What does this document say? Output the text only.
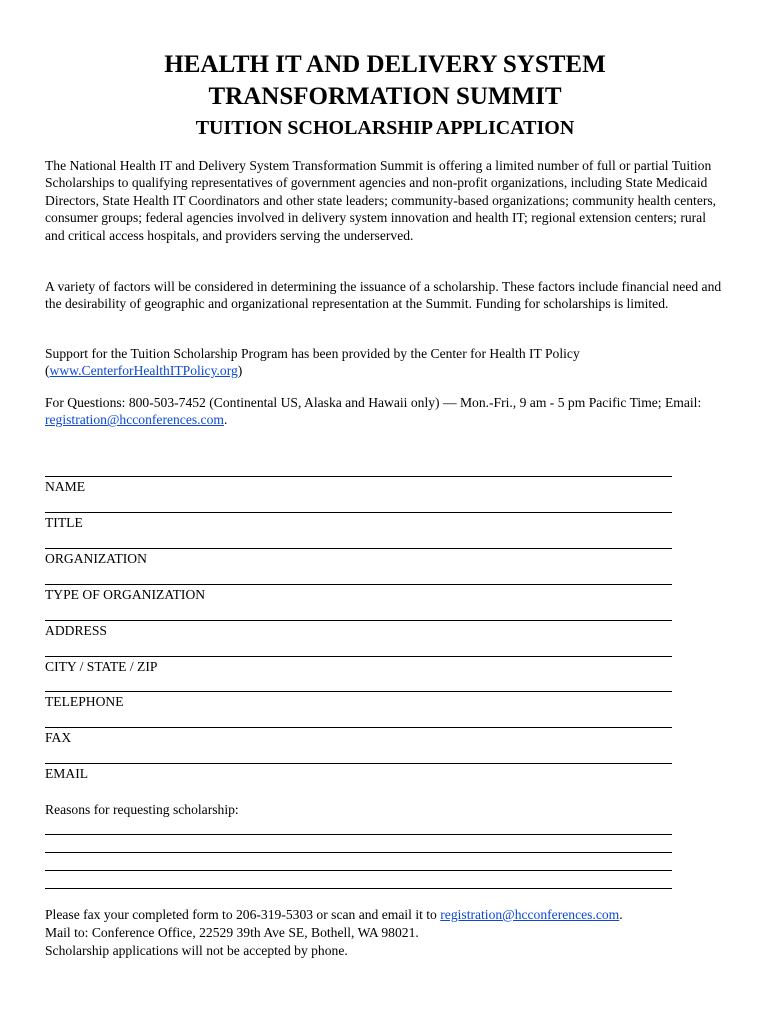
HEALTH IT AND DELIVERY SYSTEM
TRANSFORMATION SUMMIT
TUITION SCHOLARSHIP APPLICATION

The National Health IT and Delivery System Transformation Summit is offering a limited number of full or partial Tuition Scholarships to qualifying representatives of government agencies and non-profit organizations, including State Medicaid Directors, State Health IT Coordinators and other state leaders; community-based organizations; community health centers, consumer groups; federal agencies involved in delivery system innovation and health IT; regional extension centers; rural and critical access hospitals, and providers serving the underserved.

A variety of factors will be considered in determining the issuance of a scholarship. These factors include financial need and the desirability of geographic and organizational representation at the Summit. Funding for scholarships is limited.

Support for the Tuition Scholarship Program has been provided by the Center for Health IT Policy
(www.CenterforHealthITPolicy.org)

For Questions: 800-503-7452 (Continental US, Alaska and Hawaii only) — Mon.-Fri., 9 am - 5 pm Pacific Time; Email: registration@hcconferences.com.

NAME

TITLE

ORGANIZATION

TYPE OF ORGANIZATION

ADDRESS

CITY / STATE / ZIP

TELEPHONE

FAX

EMAIL

Reasons for requesting scholarship:

Please fax your completed form to 206-319-5303 or scan and email it to registration@hcconferences.com.

Mail to: Conference Office, 22529 39th Ave SE, Bothell, WA 98021.

Scholarship applications will not be accepted by phone.
